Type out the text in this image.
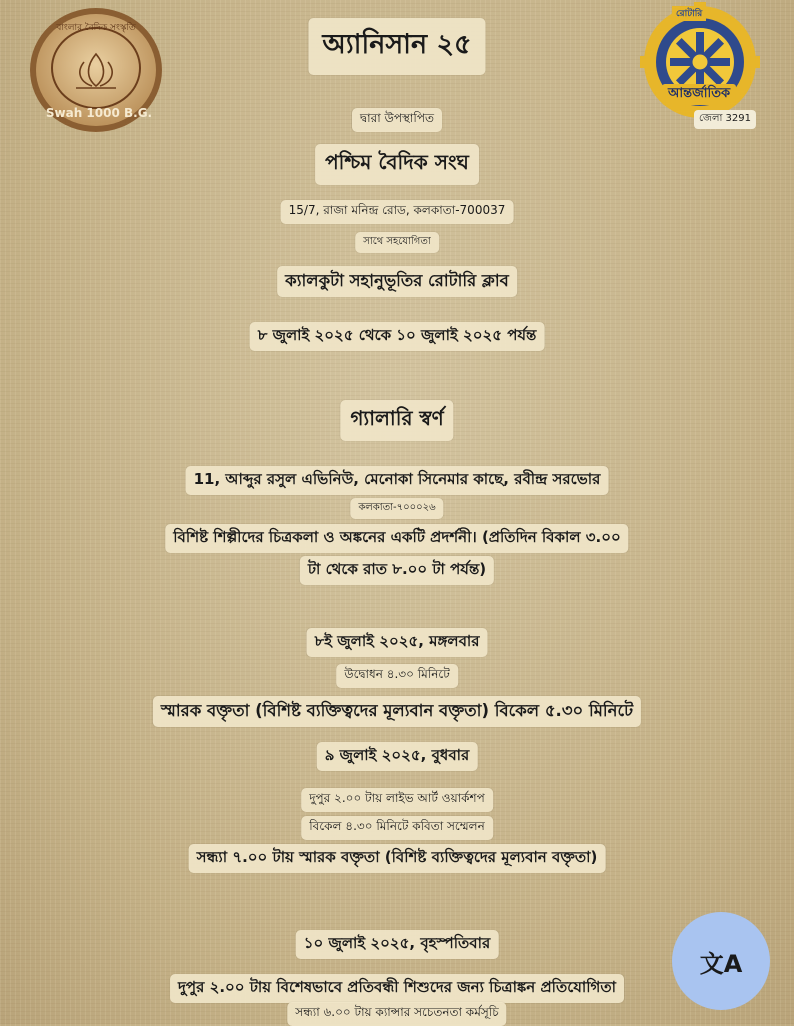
বাংলার বৈদিক সংস্কৃতি
Swah 1000 B.G.
রোটারি
আন্তর্জাতিক
জেলা 3291
অ্যানিসান ২৫
দ্বারা উপস্থাপিত
পশ্চিম বৈদিক সংঘ
15/7, রাজা মনিন্দ্র রোড, কলকাতা-700037
সাথে সহযোগিতা
ক্যালকুটা সহানুভূতির রোটারি ক্লাব
৮ জুলাই ২০২৫ থেকে ১০ জুলাই ২০২৫ পর্যন্ত
গ্যালারি স্বর্ণ
11, আব্দুর রসুল এভিনিউ, মেনোকা সিনেমার কাছে, রবীন্দ্র সরভোর
কলকাতা-৭০০০২৬
বিশিষ্ট শিল্পীদের চিত্রকলা ও অঙ্কনের একটি প্রদর্শনী। (প্রতিদিন বিকাল ৩.০০
টা থেকে রাত ৮.০০ টা পর্যন্ত)
৮ই জুলাই ২০২৫, মঙ্গলবার
উদ্বোধন ৪.৩০ মিনিটে
স্মারক বক্তৃতা (বিশিষ্ট ব্যক্তিত্বদের মূল্যবান বক্তৃতা) বিকেল ৫.৩০ মিনিটে
৯ জুলাই ২০২৫, বুধবার
দুপুর ২.০০ টায় লাইভ আর্ট ওয়ার্কশপ
বিকেল ৪.৩০ মিনিটে কবিতা সম্মেলন
সন্ধ্যা ৭.০০ টায় স্মারক বক্তৃতা (বিশিষ্ট ব্যক্তিত্বদের মূল্যবান বক্তৃতা)
১০ জুলাই ২০২৫, বৃহস্পতিবার
দুপুর ২.০০ টায় বিশেষভাবে প্রতিবন্ধী শিশুদের জন্য চিত্রাঙ্কন প্রতিযোগিতা
সন্ধ্যা ৬.০০ টায় ক্যান্সার সচেতনতা কর্মসূচি
文A
